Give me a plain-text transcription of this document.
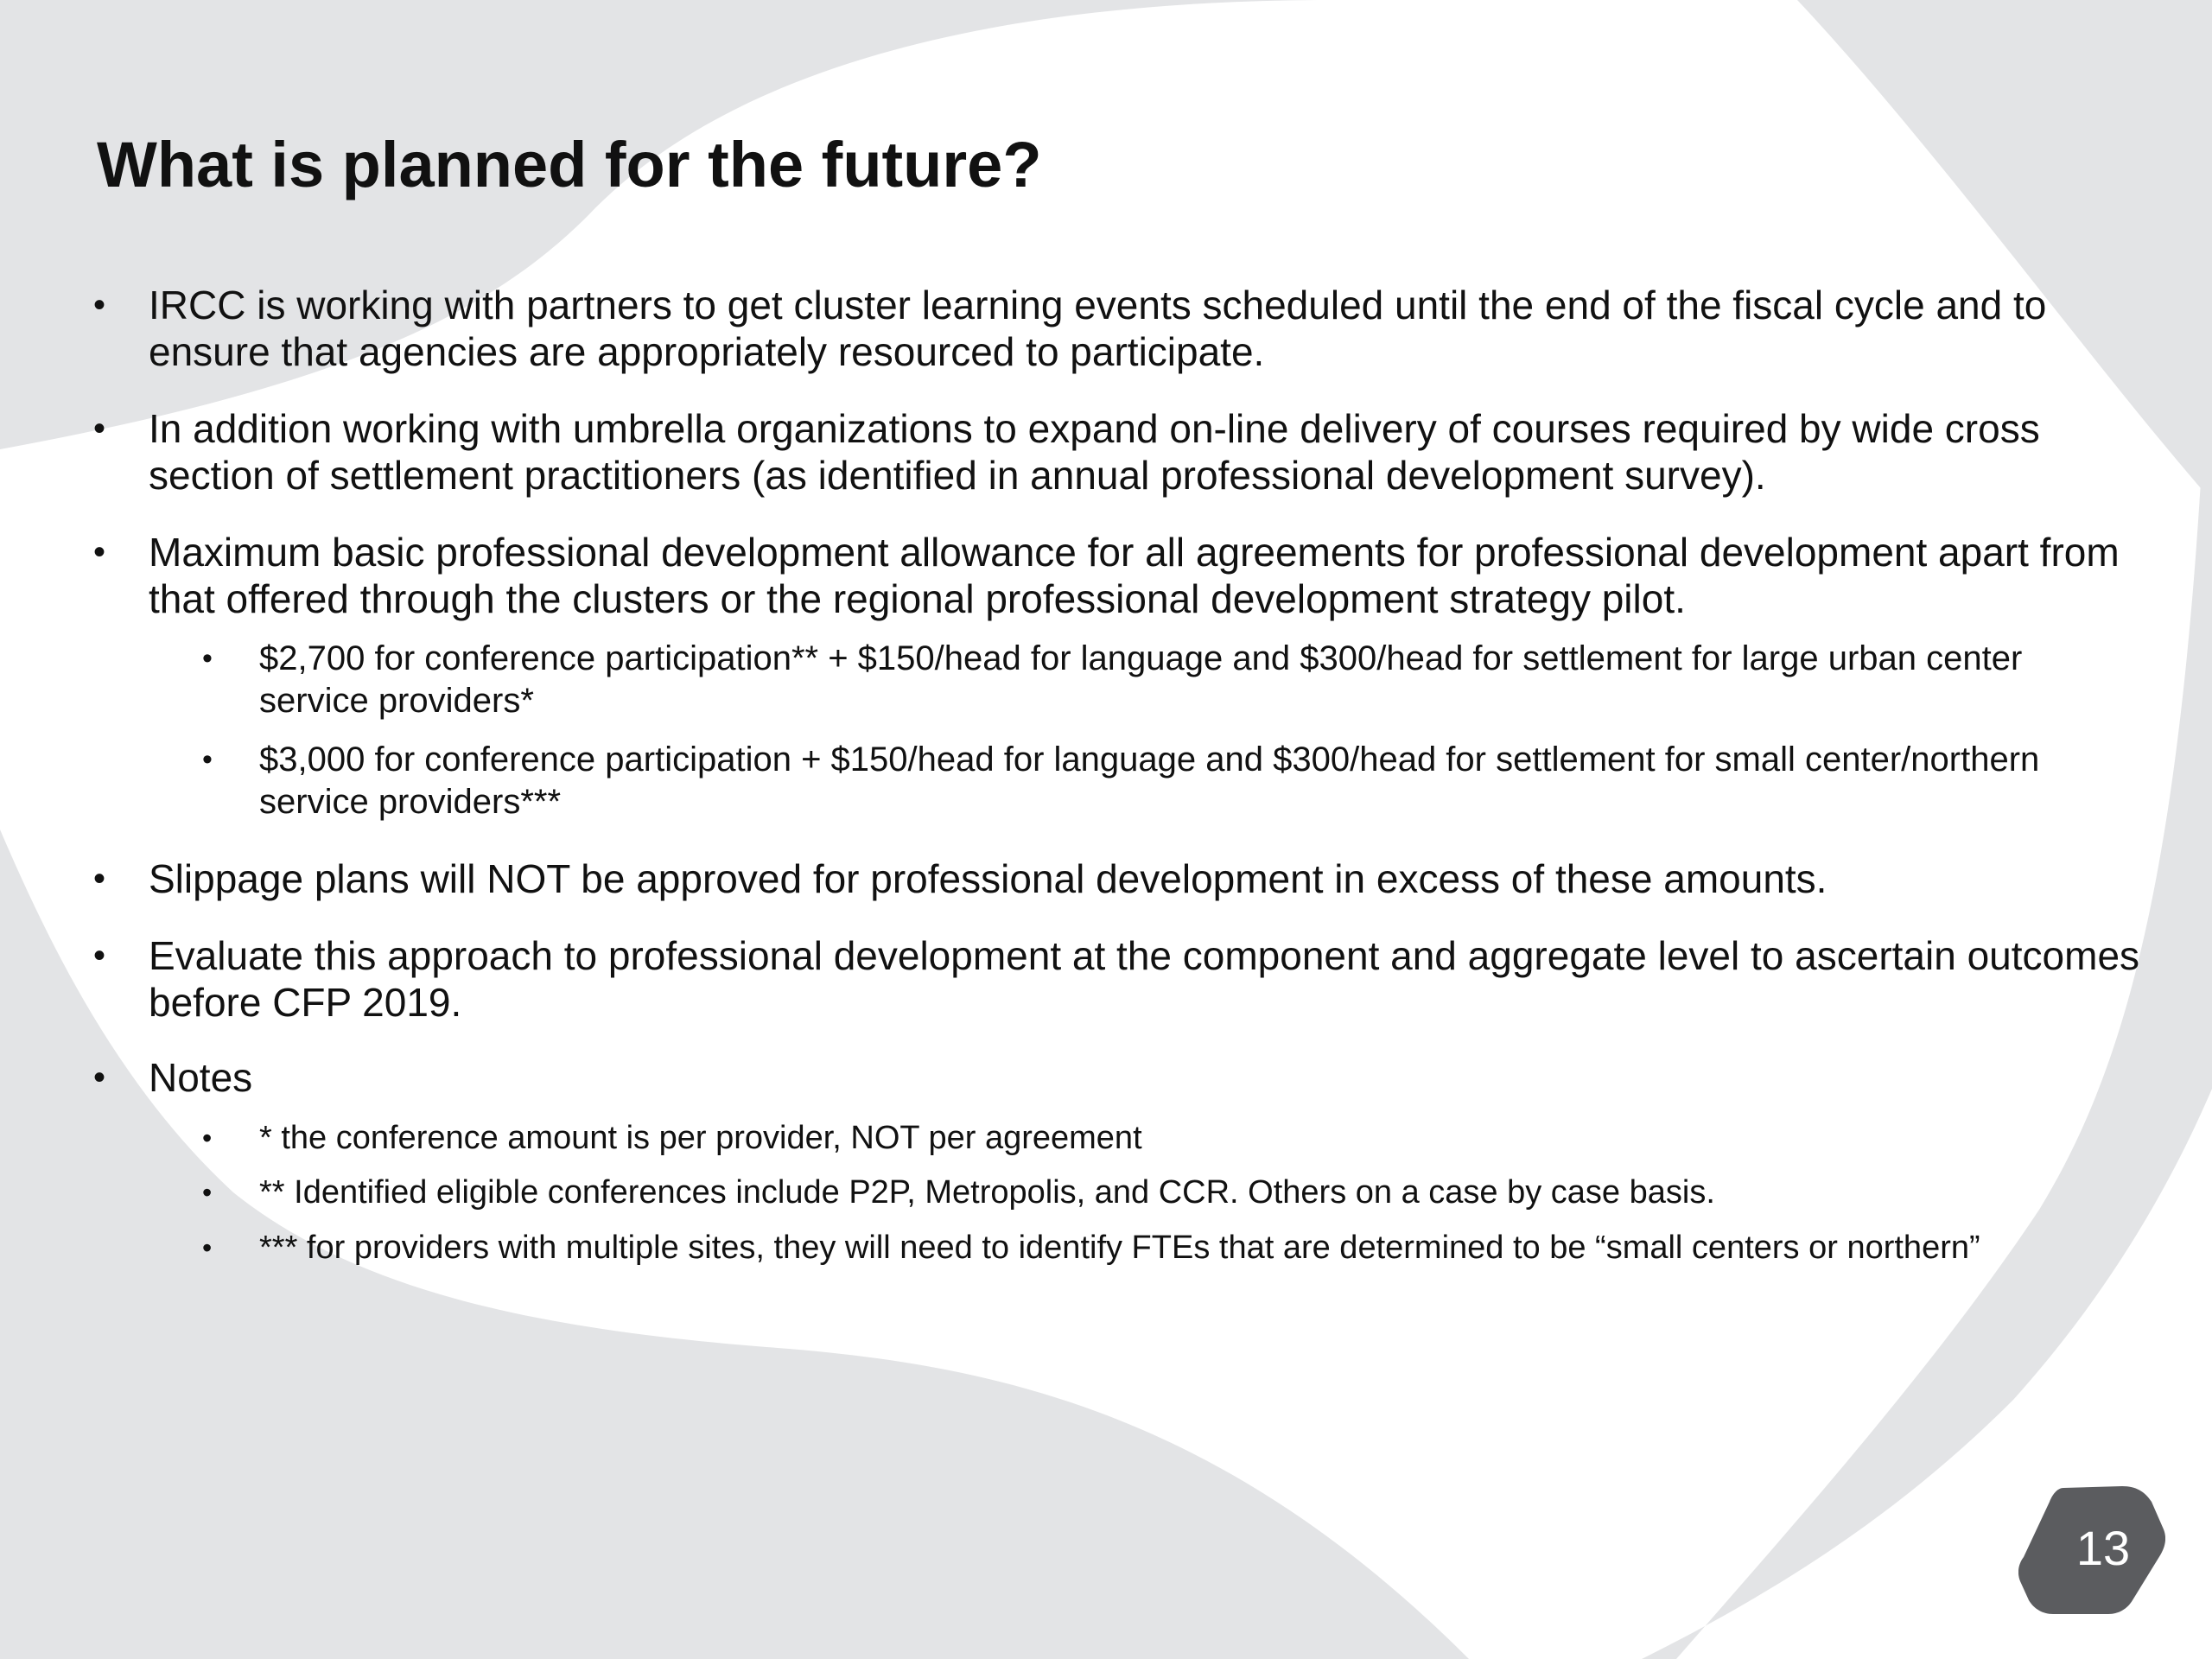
What is planned for the future?
• IRCC is working with partners to get cluster learning events scheduled until the end of the fiscal cycle and to ensure that agencies are appropriately resourced to participate.
• In addition working with umbrella organizations to expand on-line delivery of courses required by wide cross section of settlement practitioners (as identified in annual professional development survey).
• Maximum basic professional development allowance for all agreements for professional development apart from that offered through the clusters or the regional professional development strategy pilot.
• $2,700 for conference participation** + $150/head for language and $300/head for settlement for large urban center service providers*
• $3,000 for conference participation + $150/head for language and $300/head for settlement for small center/northern service providers***
• Slippage plans will NOT be approved for professional development in excess of these amounts.
• Evaluate this approach to professional development at the component and aggregate level to ascertain outcomes before CFP 2019.
• Notes
• * the conference amount is per provider, NOT per agreement
• ** Identified eligible conferences include P2P, Metropolis, and CCR. Others on a case by case basis.
• *** for providers with multiple sites, they will need to identify FTEs that are determined to be “small centers or northern”
13
